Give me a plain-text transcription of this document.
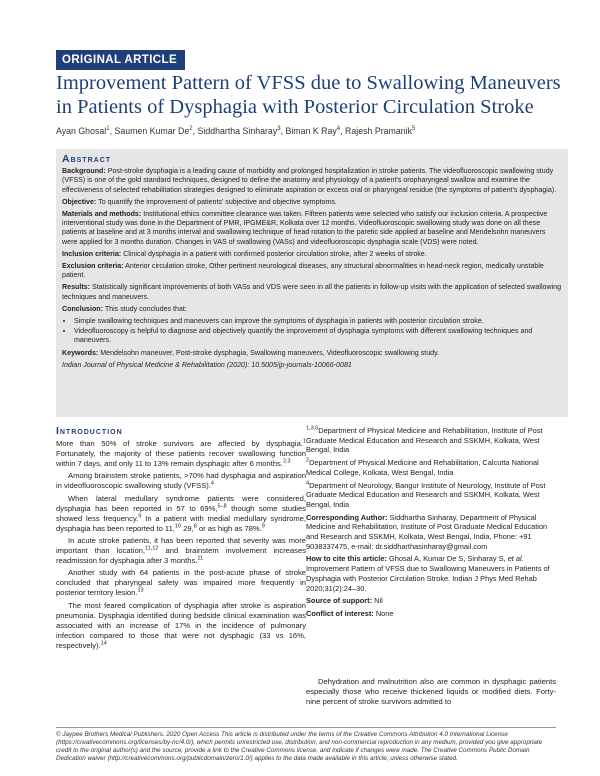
ORIGINAL ARTICLE
Improvement Pattern of VFSS due to Swallowing Maneuvers in Patients of Dysphagia with Posterior Circulation Stroke
Ayan Ghosal$^1$, Saumen Kumar De$^2$, Siddhartha Sinharay$^3$, Biman K Ray$^4$, Rajesh Pramanik$^5$
Abstract

Background: Post-stroke dysphagia is a leading cause of morbidity and prolonged hospitalization in stroke patients. The videofluoroscopic swallowing study (VFSS) is one of the gold standard techniques, designed to define the anatomy and physiology of a patient's oropharyngeal swallow and examine the effectiveness of selected rehabilitation strategies designed to eliminate aspiration or excess oral or pharyngeal residue (the symptoms of patient's dysphagia).

Objective: To quantify the improvement of patients' subjective and objective symptoms.

Materials and methods: Institutional ethics committee clearance was taken. Fifteen patients were selected who satisfy our inclusion criteria. A prospective interventional study was done in the Department of PMR, IPGME&R, Kolkata over 12 months. Videofluoroscopic swallowing study was done on all these patients at baseline and at 3 months interval and swallowing technique of head rotation to the paretic side applied at baseline and Mendelsohn maneuvers were applied for 3 months duration. Changes in VAS of swallowing (VASs) and videofluoroscopic dysphagia scale (VDS) were noted.

Inclusion criteria: Clinical dysphagia in a patient with confirmed posterior circulation stroke, after 2 weeks of stroke.

Exclusion criteria: Anterior circulation stroke, Other pertinent neurological diseases, any structural abnormalities in head-neck region, medically unstable patient.

Results: Statistically significant improvements of both VASs and VDS were seen in all the patients in follow-up visits with the application of selected swallowing techniques and maneuvers.

Conclusion: This study concludes that:

• Simple swallowing techniques and maneuvers can improve the symptoms of dysphagia in patients with posterior circulation stroke.
• Videofluoroscopy is helpful to diagnose and objectively quantify the improvement of dysphagia symptoms with different swallowing techniques and maneuvers.

Keywords: Mendelsohn maneuver, Post-stroke dysphagia, Swallowing maneuvers, Videofluoroscopic swallowing study.

Indian Journal of Physical Medicine & Rehabilitation (2020): 10.5005/jp-journals-10066-0081

Introduction

More than 50% of stroke survivors are affected by dysphagia.$^1$ Fortunately, the majority of these patients recover swallowing function within 7 days, and only 11 to 13% remain dysphagic after 6 months.$^{2,3}$

Among brainstem stroke patients, >70% had dysphagia and aspiration in videofluoroscopic swallowing study (VFSS).$^4$

When lateral medullary syndrome patients were considered, dysphagia has been reported in 57 to 69%,$^{5-8}$ though some studies showed less frequency.$^9$ In a patient with medial medullary syndrome, dysphagia has been reported to 11,10 29,$^8$ or as high as 78%.$^9$

In acute stroke patients, it has been reported that severity was more important than location,$^{11,12}$ and brainstem involvement increases readmission for dysphagia after 3 months.$^{11}$

Another study with 64 patients in the post-acute phase of stroke concluded that pharyngeal safety was impaired more frequently in posterior territory lesion.$^{13}$

The most feared complication of dysphagia after stroke is aspiration pneumonia. Dysphagia identified during bedside clinical examination was associated with an increase of 17% in the incidence of pulmonary infection compared to those that were not dysphagic (33 vs 16%, respectively).$^{14}$

$^{1,3,5}$Department of Physical Medicine and Rehabilitation, Institute of Post Graduate Medical Education and Research and SSKMH, Kolkata, West Bengal, India

$^2$Department of Physical Medicine and Rehabilitation, Calcutta National Medical College, Kolkata, West Bengal, India

$^4$Department of Neurology, Bangur Institute of Neurology, Institute of Post Graduate Medical Education and Research and SSKMH, Kolkata, West Bengal, India

Corresponding Author: Siddhartha Sinharay, Department of Physical Medicine and Rehabilitation, Institute of Post Graduate Medical Education and Research and SSKMH, Kolkata, West Bengal, India, Phone: +91 9038337475, e-mail: dr.siddharthasinharay@gmail.com

How to cite this article: Ghosal A, Kumar De S, Sinharay S, et al. Improvement Pattern of VFSS due to Swallowing Maneuvers in Patients of Dysphagia with Posterior Circulation Stroke. Indian J Phys Med Rehab 2020;31(2):24–30.

Source of support: Nil

Conflict of interest: None

Dehydration and malnutrition also are common in dysphagic patients especially those who receive thickened liquids or modified diets. Forty-nine percent of stroke survivors admitted to

© Jaypee Brothers Medical Publishers. 2020 Open Access This article is distributed under the terms of the Creative Commons Attribution 4.0 International License (https://creativecommons.org/licenses/by-nc/4.0/), which permits unrestricted use, distribution, and non-commercial reproduction in any medium, provided you give appropriate credit to the original author(s) and the source, provide a link to the Creative Commons license, and indicate if changes were made. The Creative Commons Public Domain Dedication waiver (http://creativecommons.org/publicdomain/zero/1.0/) applies to the data made available in this article, unless otherwise stated.
